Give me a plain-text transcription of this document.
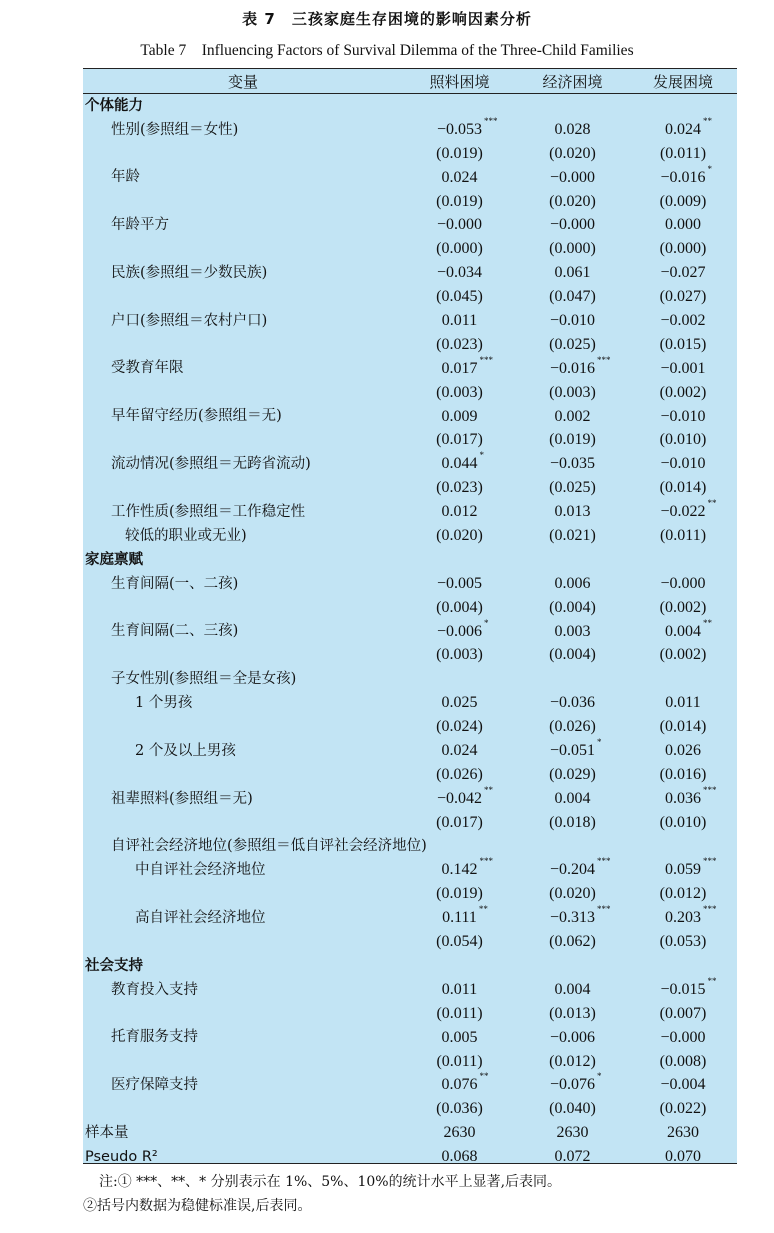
表 7　三孩家庭生存困境的影响因素分析
Table 7　Influencing Factors of Survival Dilemma of the Three-Child Families
变量	照料困境	经济困境	发展困境
个体能力			
性别(参照组＝女性)	−0.053 ***	0.028	0.024 **

	(0.019)	(0.020)	(0.011)
年龄	0.024	−0.000	−0.016 *

	(0.019)	(0.020)	(0.009)
年龄平方	−0.000	−0.000	0.000
	(0.000)	(0.000)	(0.000)
民族(参照组＝少数民族)	−0.034	0.061	−0.027
	(0.045)	(0.047)	(0.027)
户口(参照组＝农村户口)	0.011	−0.010	−0.002
	(0.023)	(0.025)	(0.015)
受教育年限	0.017 ***	−0.016 ***	−0.001
	(0.003)	(0.003)	(0.002)
早年留守经历(参照组＝无)	0.009	0.002	−0.010
	(0.017)	(0.019)	(0.010)
流动情况(参照组＝无跨省流动)	0.044 *	−0.035	−0.010
	(0.023)	(0.025)	(0.014)
工作性质(参照组＝工作稳定性	0.012	0.013	−0.022 **

较低的职业或无业)	(0.020)	(0.021)	(0.011)
家庭禀赋			
生育间隔(一、二孩)	−0.005	0.006	−0.000
	(0.004)	(0.004)	(0.002)
生育间隔(二、三孩)	−0.006 *	0.003	0.004 **

	(0.003)	(0.004)	(0.002)
子女性别(参照组＝全是女孩)			
1 个男孩	0.025	−0.036	0.011
	(0.024)	(0.026)	(0.014)
2 个及以上男孩	0.024	−0.051 *	0.026
	(0.026)	(0.029)	(0.016)
祖辈照料(参照组＝无)	−0.042 **	0.004	0.036 ***

	(0.017)	(0.018)	(0.010)
自评社会经济地位(参照组＝低自评社会经济地位)			
中自评社会经济地位	0.142 ***	−0.204 ***	0.059 ***

	(0.019)	(0.020)	(0.012)
高自评社会经济地位	0.111 **	−0.313 ***	0.203 ***

	(0.054)	(0.062)	(0.053)
社会支持			
教育投入支持	0.011	0.004	−0.015 **

	(0.011)	(0.013)	(0.007)
托育服务支持	0.005	−0.006	−0.000
	(0.011)	(0.012)	(0.008)
医疗保障支持	0.076 **	−0.076 *	−0.004
	(0.036)	(0.040)	(0.022)
样本量	2630	2630	2630
Pseudo R²	0.068	0.072	0.070
注:① ***、**、* 分别表示在 1%、5%、10%的统计水平上显著,后表同。
②括号内数据为稳健标准误,后表同。
